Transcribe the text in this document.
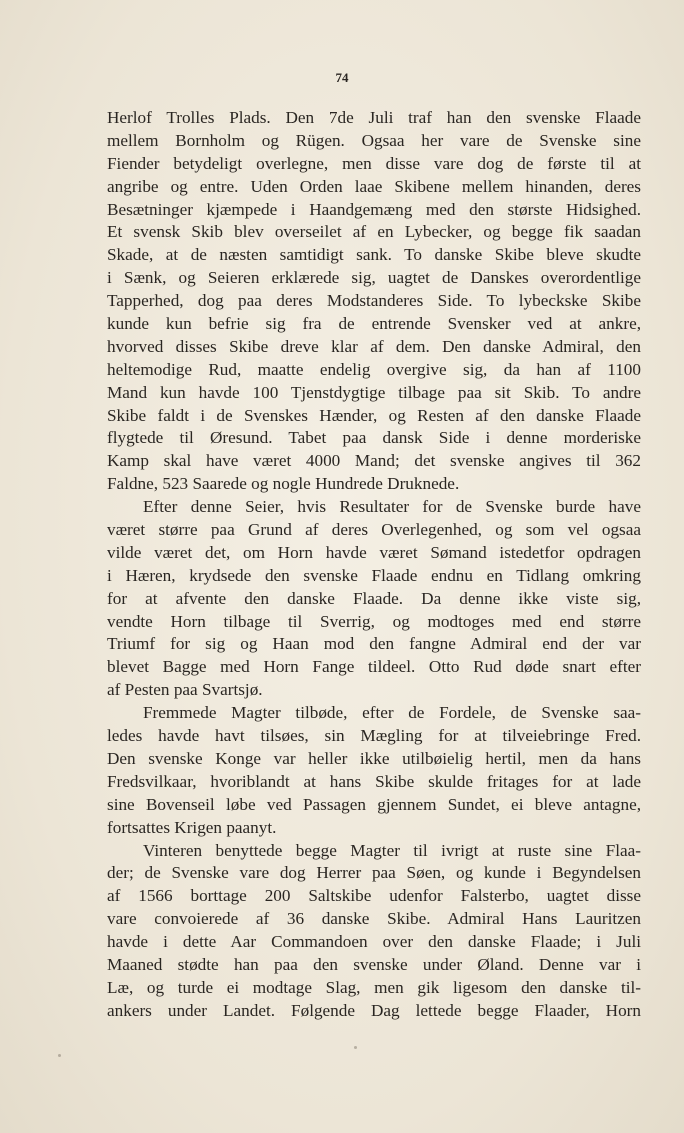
74
Herlof Trolles Plads. Den 7de Juli traf han den svenske Flaade
mellem Bornholm og Rügen. Ogsaa her vare de Svenske sine
Fiender betydeligt overlegne, men disse vare dog de første til at
angribe og entre. Uden Orden laae Skibene mellem hinanden, deres
Besætninger kjæmpede i Haandgemæng med den største Hidsighed.
Et svensk Skib blev overseilet af en Lybecker, og begge fik saadan
Skade, at de næsten samtidigt sank. To danske Skibe bleve skudte
i Sænk, og Seieren erklærede sig, uagtet de Danskes overordentlige
Tapperhed, dog paa deres Modstanderes Side. To lybeckske Skibe
kunde kun befrie sig fra de entrende Svensker ved at ankre,
hvorved disses Skibe dreve klar af dem. Den danske Admiral, den
heltemodige Rud, maatte endelig overgive sig, da han af 1100
Mand kun havde 100 Tjenstdygtige tilbage paa sit Skib. To andre
Skibe faldt i de Svenskes Hænder, og Resten af den danske Flaade
flygtede til Øresund. Tabet paa dansk Side i denne morderiske
Kamp skal have været 4000 Mand; det svenske angives til 362
Faldne, 523 Saarede og nogle Hundrede Druknede.
Efter denne Seier, hvis Resultater for de Svenske burde have
været større paa Grund af deres Overlegenhed, og som vel ogsaa
vilde været det, om Horn havde været Sømand istedetfor opdragen
i Hæren, krydsede den svenske Flaade endnu en Tidlang omkring
for at afvente den danske Flaade. Da denne ikke viste sig,
vendte Horn tilbage til Sverrig, og modtoges med end større
Triumf for sig og Haan mod den fangne Admiral end der var
blevet Bagge med Horn Fange tildeel. Otto Rud døde snart efter
af Pesten paa Svartsjø.
Fremmede Magter tilbøde, efter de Fordele, de Svenske saa-
ledes havde havt tilsøes, sin Mægling for at tilveiebringe Fred.
Den svenske Konge var heller ikke utilbøielig hertil, men da hans
Fredsvilkaar, hvoriblandt at hans Skibe skulde fritages for at lade
sine Bovenseil løbe ved Passagen gjennem Sundet, ei bleve antagne,
fortsattes Krigen paanyt.
Vinteren benyttede begge Magter til ivrigt at ruste sine Flaa-
der; de Svenske vare dog Herrer paa Søen, og kunde i Begyndelsen
af 1566 borttage 200 Saltskibe udenfor Falsterbo, uagtet disse
vare convoierede af 36 danske Skibe. Admiral Hans Lauritzen
havde i dette Aar Commandoen over den danske Flaade; i Juli
Maaned stødte han paa den svenske under Øland. Denne var i
Læ, og turde ei modtage Slag, men gik ligesom den danske til-
ankers under Landet. Følgende Dag lettede begge Flaader, Horn
